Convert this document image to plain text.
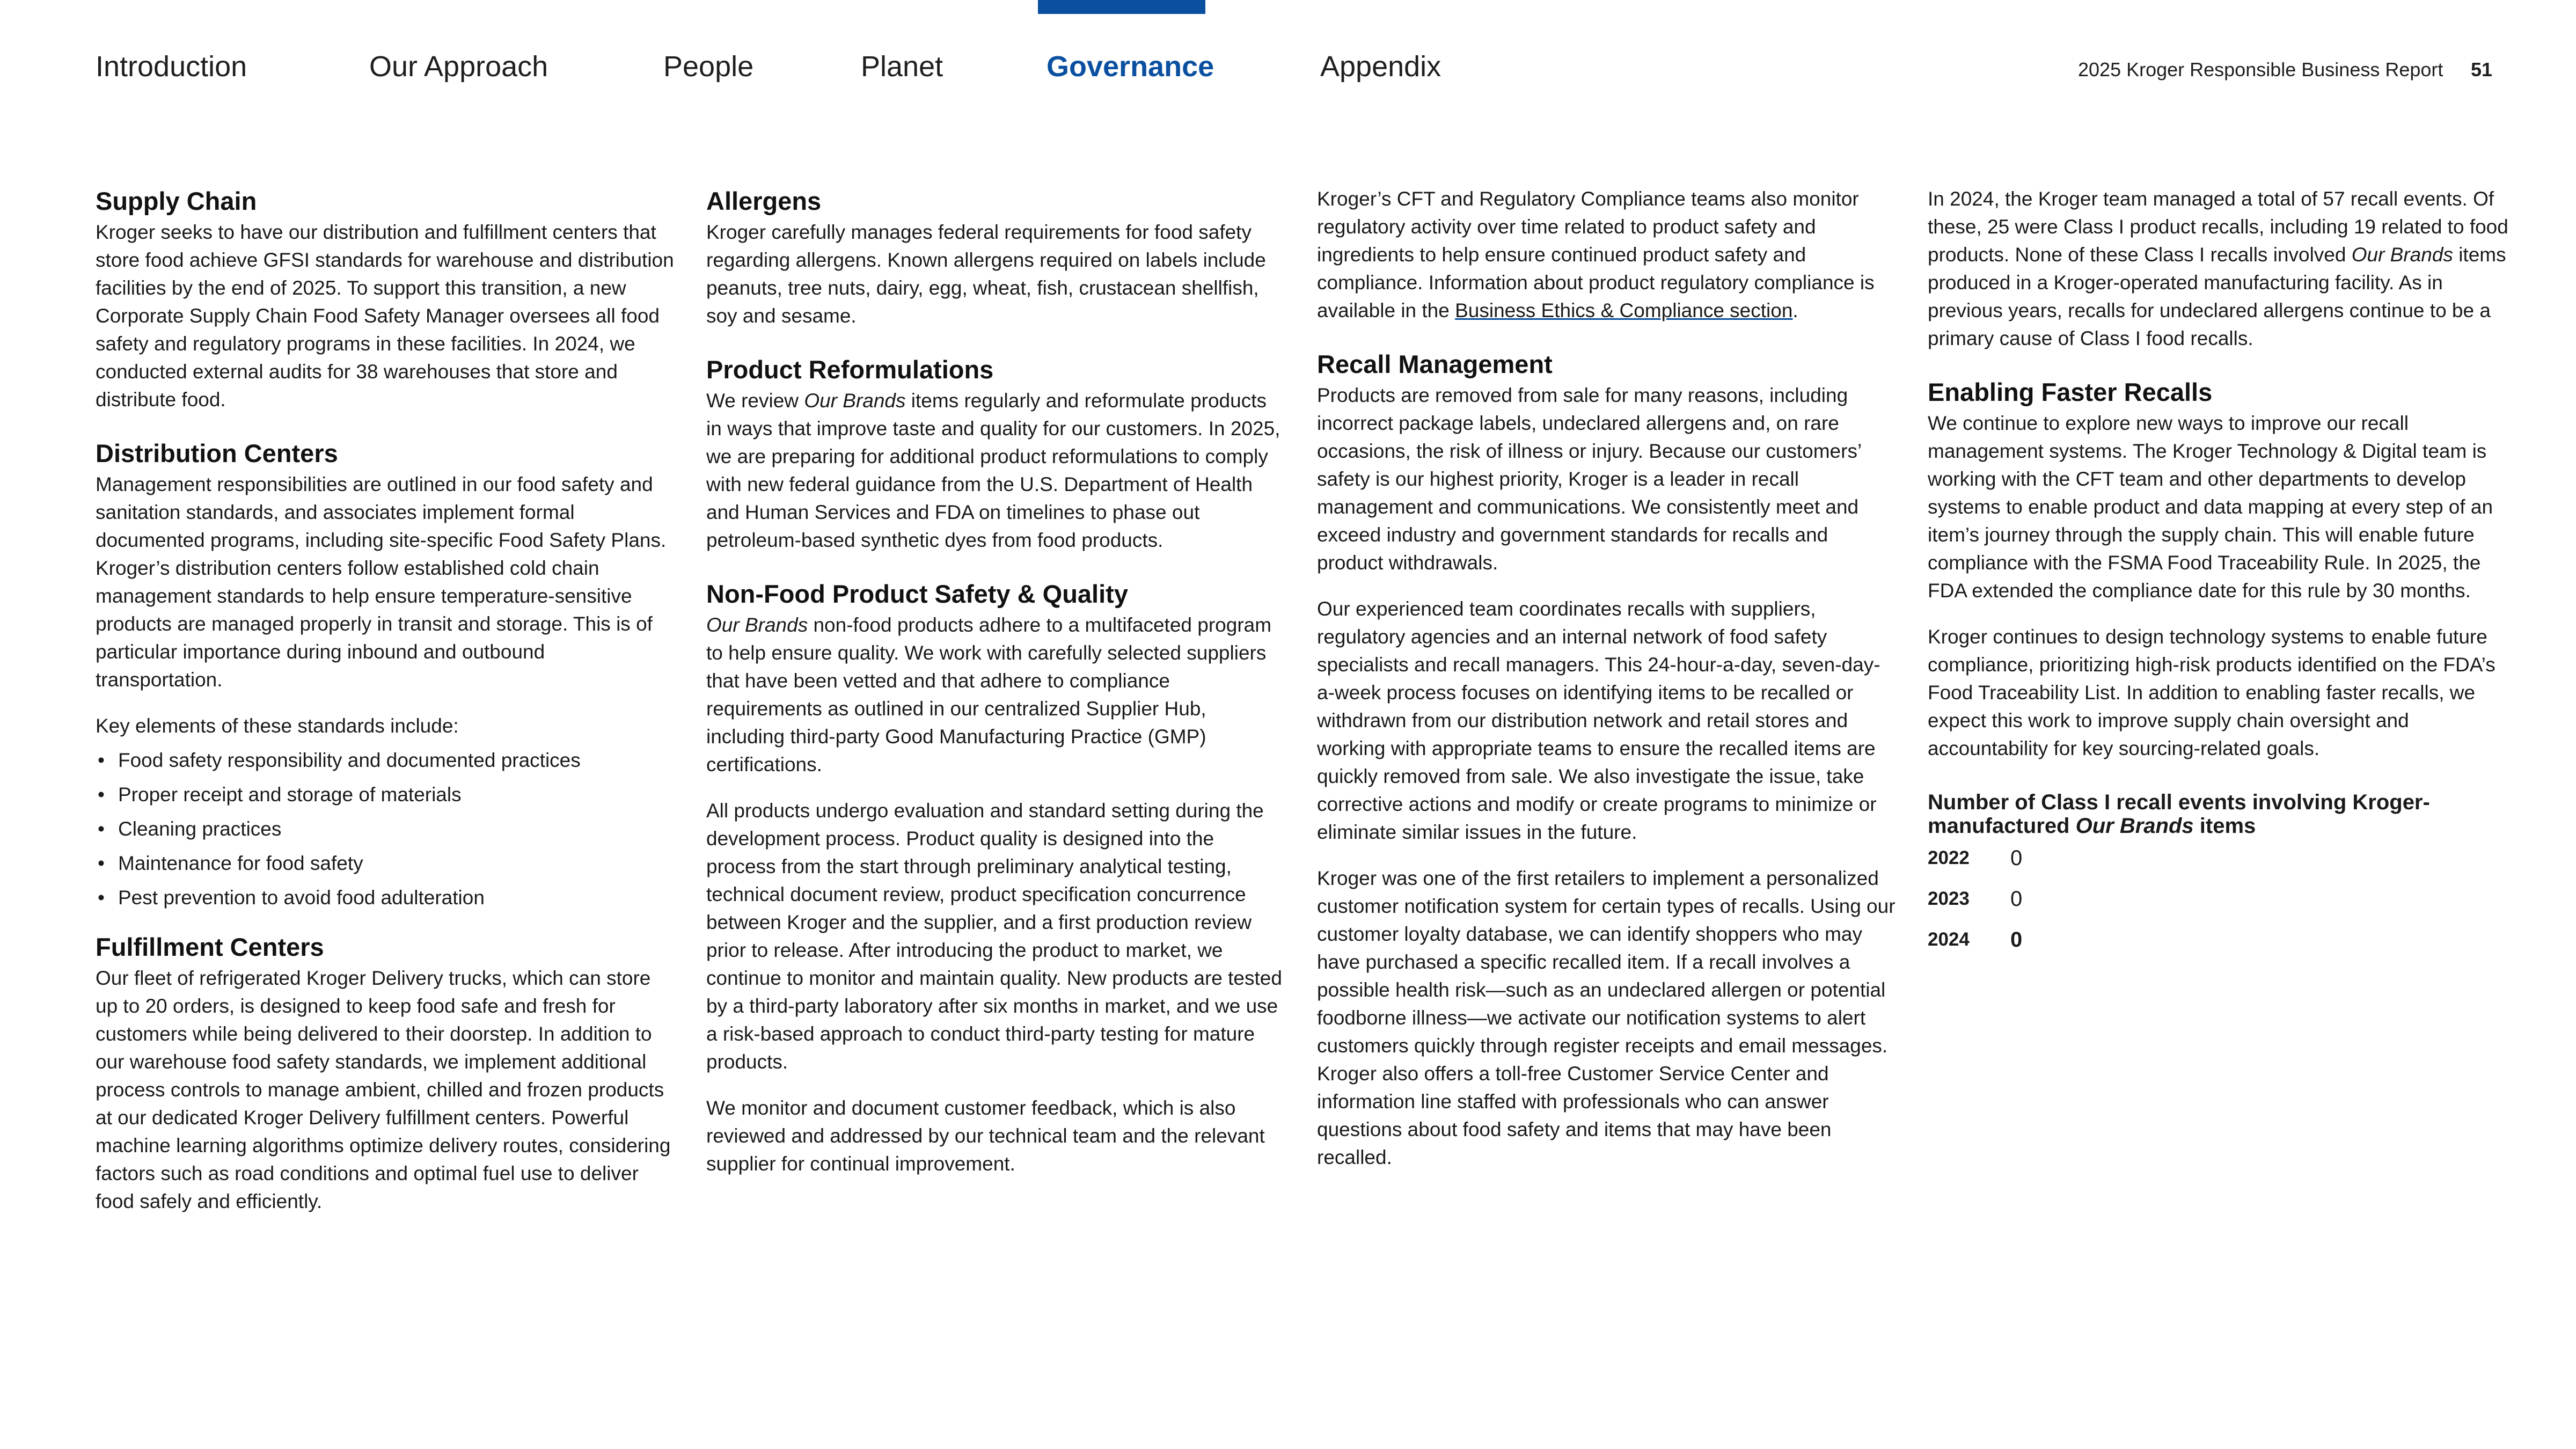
Introduction	Our Approach	People	Planet	Governance	Appendix	2025 Kroger Responsible Business Report 51
Supply Chain

Kroger seeks to have our distribution and fulfillment centers that store food achieve GFSI standards for warehouse and distribution facilities by the end of 2025. To support this transition, a new Corporate Supply Chain Food Safety Manager oversees all food safety and regulatory programs in these facilities. In 2024, we conducted external audits for 38 warehouses that store and distribute food.

Distribution Centers

Management responsibilities are outlined in our food safety and sanitation standards, and associates implement formal documented programs, including site-specific Food Safety Plans. Kroger’s distribution centers follow established cold chain management standards to help ensure temperature-sensitive products are managed properly in transit and storage. This is of particular importance during inbound and outbound transportation.

Key elements of these standards include:

• Food safety responsibility and documented practices
• Proper receipt and storage of materials
• Cleaning practices
• Maintenance for food safety
• Pest prevention to avoid food adulteration
Fulfillment Centers

Our fleet of refrigerated Kroger Delivery trucks, which can store up to 20 orders, is designed to keep food safe and fresh for customers while being delivered to their doorstep. In addition to our warehouse food safety standards, we implement additional process controls to manage ambient, chilled and frozen products at our dedicated Kroger Delivery fulfillment centers. Powerful machine learning algorithms optimize delivery routes, considering factors such as road conditions and optimal fuel use to deliver food safely and efficiently.

Allergens

Kroger carefully manages federal requirements for food safety regarding allergens. Known allergens required on labels include peanuts, tree nuts, dairy, egg, wheat, fish, crustacean shellfish, soy and sesame.

Product Reformulations

We review Our Brands items regularly and reformulate products in ways that improve taste and quality for our customers. In 2025, we are preparing for additional product reformulations to comply with new federal guidance from the U.S. Department of Health and Human Services and FDA on timelines to phase out petroleum-based synthetic dyes from food products.

Non-Food Product Safety & Quality

Our Brands non-food products adhere to a multifaceted program to help ensure quality. We work with carefully selected suppliers that have been vetted and that adhere to compliance requirements as outlined in our centralized Supplier Hub, including third-party Good Manufacturing Practice (GMP) certifications.

All products undergo evaluation and standard setting during the development process. Product quality is designed into the process from the start through preliminary analytical testing, technical document review, product specification concurrence between Kroger and the supplier, and a first production review prior to release. After introducing the product to market, we continue to monitor and maintain quality. New products are tested by a third-party laboratory after six months in market, and we use a risk-based approach to conduct third-party testing for mature products.

We monitor and document customer feedback, which is also reviewed and addressed by our technical team and the relevant supplier for continual improvement.

Kroger’s CFT and Regulatory Compliance teams also monitor regulatory activity over time related to product safety and ingredients to help ensure continued product safety and compliance. Information about product regulatory compliance is available in the Business Ethics & Compliance section.

Recall Management

Products are removed from sale for many reasons, including incorrect package labels, undeclared allergens and, on rare occasions, the risk of illness or injury. Because our customers’ safety is our highest priority, Kroger is a leader in recall management and communications. We consistently meet and exceed industry and government standards for recalls and product withdrawals.

Our experienced team coordinates recalls with suppliers, regulatory agencies and an internal network of food safety specialists and recall managers. This 24-hour-a-day, seven-day-a-week process focuses on identifying items to be recalled or withdrawn from our distribution network and retail stores and working with appropriate teams to ensure the recalled items are quickly removed from sale. We also investigate the issue, take corrective actions and modify or create programs to minimize or eliminate similar issues in the future.

Kroger was one of the first retailers to implement a personalized customer notification system for certain types of recalls. Using our customer loyalty database, we can identify shoppers who may have purchased a specific recalled item. If a recall involves a possible health risk—such as an undeclared allergen or potential foodborne illness—we activate our notification systems to alert customers quickly through register receipts and email messages. Kroger also offers a toll-free Customer Service Center and information line staffed with professionals who can answer questions about food safety and items that may have been recalled.

In 2024, the Kroger team managed a total of 57 recall events. Of these, 25 were Class I product recalls, including 19 related to food products. None of these Class I recalls involved Our Brands items produced in a Kroger-operated manufacturing facility. As in previous years, recalls for undeclared allergens continue to be a primary cause of Class I food recalls.

Enabling Faster Recalls

We continue to explore new ways to improve our recall management systems. The Kroger Technology & Digital team is working with the CFT team and other departments to develop systems to enable product and data mapping at every step of an item’s journey through the supply chain. This will enable future compliance with the FSMA Food Traceability Rule. In 2025, the FDA extended the compliance date for this rule by 30 months.

Kroger continues to design technology systems to enable future compliance, prioritizing high-risk products identified on the FDA’s Food Traceability List. In addition to enabling faster recalls, we expect this work to improve supply chain oversight and accountability for key sourcing-related goals.

Number of Class I recall events involving Kroger-manufactured Our Brands items

2022	0
2023	0
2024	0
